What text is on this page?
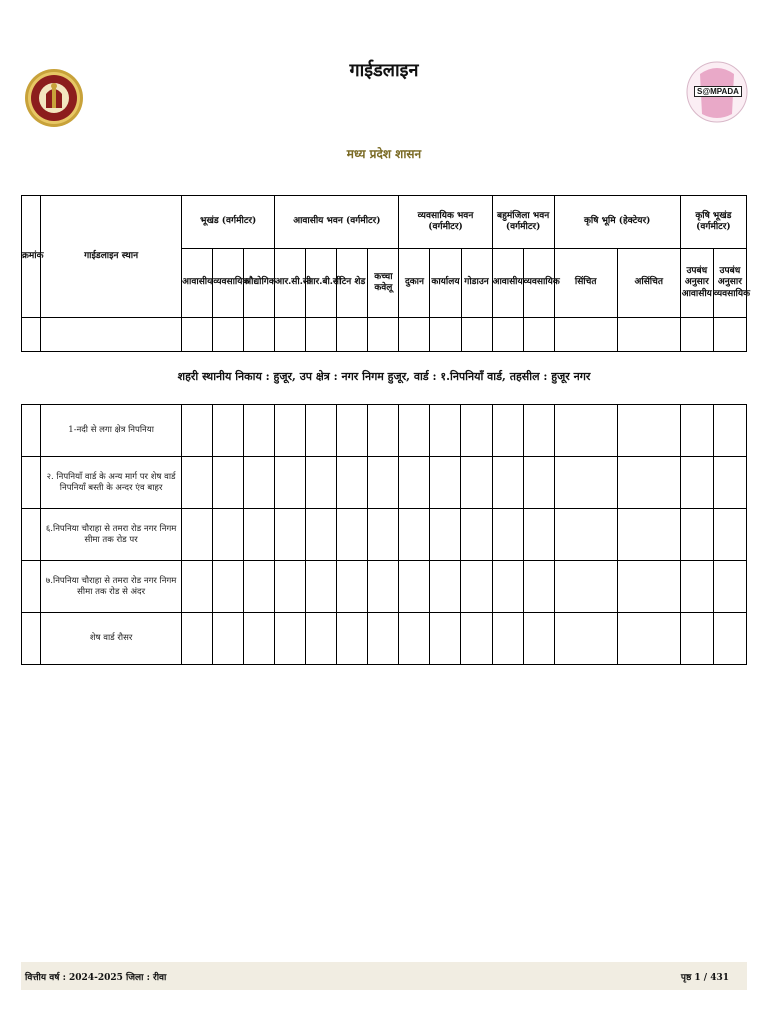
S@MPADA
गाईडलाइन
मध्य प्रदेश शासन
क्रमांक	गाईडलाइन स्थान	भूखंड (वर्गमीटर)			आवासीय भवन (वर्गमीटर)				व्यवसायिक भवन (वर्गमीटर)			बहुमंजिला भवन (वर्गमीटर)		कृषि भूमि (हेक्टेयर)		कृषि भूखंड (वर्गमीटर)	
		आवासीय	व्यवसायिक	औद्योगिक	आर.सी.सी	आर.बी.सी	टिन शेड	कच्चा कवेलू	दुकान	कार्यालय	गोडाउन	आवासीय	व्यवसायिक	सिंचित	असिंचित	उपबंध अनुसार आवासीय	उपबंध अनुसार व्यवसायिक

शहरी स्थानीय निकाय : हुजूर, उप क्षेत्र : नगर निगम हुजूर, वार्ड : १.निपनियाँ वार्ड, तहसील : हुजूर नगर
	1-नदी से लगा क्षेत्र निपनिया																
	२. निपनियाँ वार्ड के अन्य मार्ग पर शेष वार्ड निपनियाँ बस्ती के अन्दर एंव बाहर																
	६.निपनिया चौराहा से तमरा रोड नगर निगम सीमा तक रोड पर																
	७.निपनिया चौराहा से तमरा रोड नगर निगम सीमा तक रोड से अंदर																
	शेष वार्ड रौसर																
वित्तीय वर्ष : 2024-2025 जिला : रीवा	पृष्ठ 1 / 431
